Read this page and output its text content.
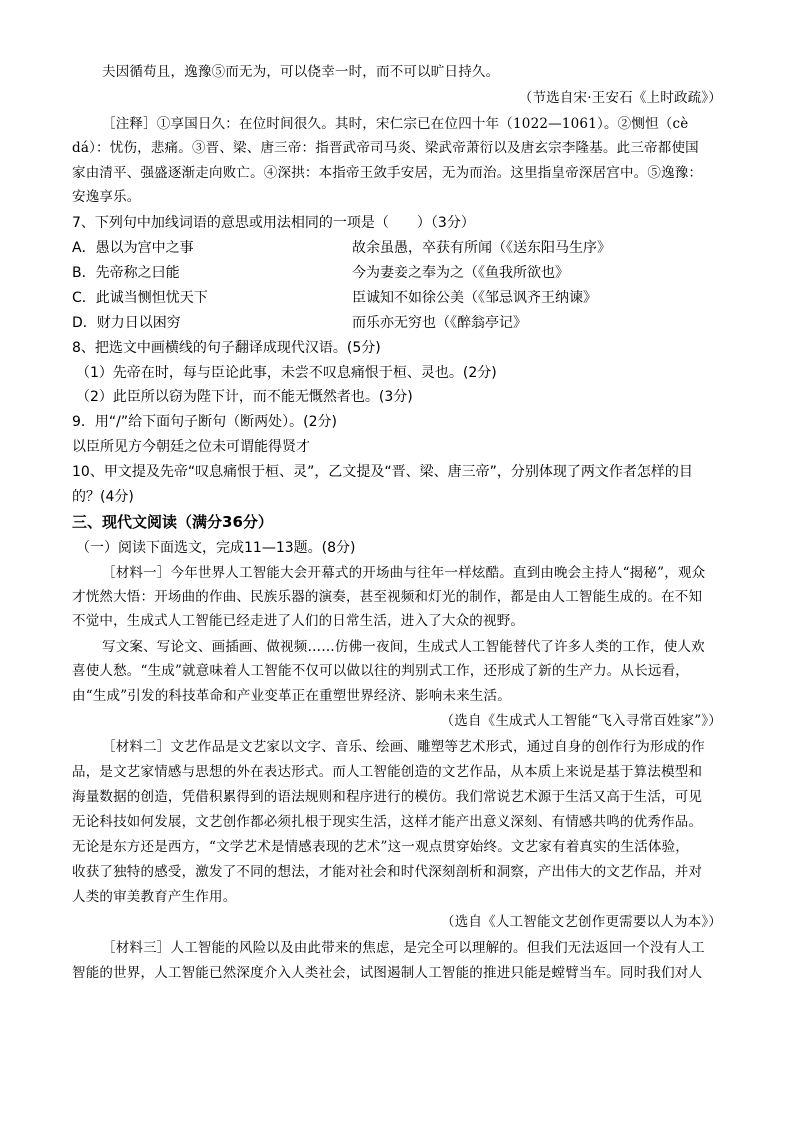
夫因循苟且，逸豫⑤而无为，可以侥幸一时，而不可以旷日持久。
（节选自宋·王安石《上时政疏》）
［注释］①享国日久：在位时间很久。其时，宋仁宗已在位四十年（1022—1061）。②恻怛（cè
dá）：忧伤，悲痛。③晋、梁、唐三帝：指晋武帝司马炎、梁武帝萧衍以及唐玄宗李隆基。此三帝都使国
家由清平、强盛逐渐走向败亡。④深拱：本指帝王敛手安居，无为而治。这里指皇帝深居宫中。⑤逸豫：
安逸享乐。
7、下列句中加线词语的意思或用法相同的一项是（　　）（3分）
A．愚以为宫中之事	故余虽愚，卒获有所闻（《送东阳马生序》
B．先帝称之曰能	今为妻妾之奉为之（《鱼我所欲也》
C．此诚当恻怛忧天下	臣诚知不如徐公美（《邹忌讽齐王纳谏》
D．财力日以困穷	而乐亦无穷也（《醉翁亭记》
8、把选文中画横线的句子翻译成现代汉语。(5分)
（1）先帝在时，每与臣论此事，未尝不叹息痛恨于桓、灵也。(2分)
（2）此臣所以窃为陛下计，而不能无慨然者也。(3分)
9．用“/”给下面句子断句（断两处）。(2分)
以臣所见方今朝廷之位未可谓能得贤才
10、甲文提及先帝“叹息痛恨于桓、灵”，乙文提及“晋、梁、唐三帝”，分别体现了两文作者怎样的目
的？(4分)
三、现代文阅读（满分36分）
（一）阅读下面选文，完成11—13题。(8分)
［材料一］今年世界人工智能大会开幕式的开场曲与往年一样炫酷。直到由晚会主持人“揭秘”，观众
才恍然大悟：开场曲的作曲、民族乐器的演奏，甚至视频和灯光的制作，都是由人工智能生成的。在不知
不觉中，生成式人工智能已经走进了人们的日常生活，进入了大众的视野。
写文案、写论文、画插画、做视频……仿佛一夜间，生成式人工智能替代了许多人类的工作，使人欢
喜使人愁。“生成”就意味着人工智能不仅可以做以往的判别式工作，还形成了新的生产力。从长远看，
由“生成”引发的科技革命和产业变革正在重塑世界经济、影响未来生活。
（选自《生成式人工智能“飞入寻常百姓家”》）
［材料二］文艺作品是文艺家以文字、音乐、绘画、雕塑等艺术形式，通过自身的创作行为形成的作
品，是文艺家情感与思想的外在表达形式。而人工智能创造的文艺作品，从本质上来说是基于算法模型和
海量数据的创造，凭借积累得到的语法规则和程序进行的模仿。我们常说艺术源于生活又高于生活，可见
无论科技如何发展，文艺创作都必须扎根于现实生活，这样才能产出意义深刻、有情感共鸣的优秀作品。
无论是东方还是西方，“文学艺术是情感表现的艺术”这一观点贯穿始终。文艺家有着真实的生活体验，
收获了独特的感受，激发了不同的想法，才能对社会和时代深刻剖析和洞察，产出伟大的文艺作品，并对
人类的审美教育产生作用。
（选自《人工智能文艺创作更需要以人为本》）
［材料三］人工智能的风险以及由此带来的焦虑，是完全可以理解的。但我们无法返回一个没有人工
智能的世界，人工智能已然深度介入人类社会，试图遏制人工智能的推进只能是螳臂当车。同时我们对人
